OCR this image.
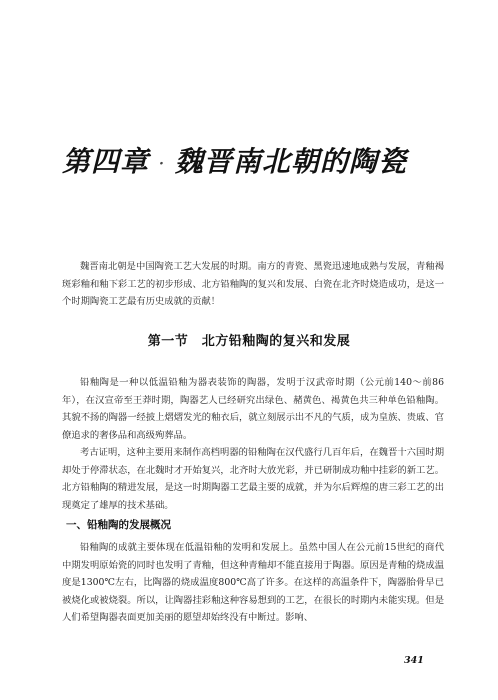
第四章 · 魏晋南北朝的陶瓷

魏晋南北朝是中国陶瓷工艺大发展的时期。南方的青瓷、黑瓷迅速地成熟与发展，青釉褐斑彩釉和釉下彩工艺的初步形成、北方铅釉陶的复兴和发展、白瓷在北齐时烧造成功，是这一个时期陶瓷工艺最有历史成就的贡献！

第一节　北方铅釉陶的复兴和发展

铅釉陶是一种以低温铅釉为器表装饰的陶器，发明于汉武帝时期（公元前140～前86年），在汉宣帝至王莽时期，陶器艺人已经研究出绿色、赭黄色、褐黄色共三种单色铅釉陶。其貌不扬的陶器一经披上熠熠发光的釉衣后，就立刻展示出不凡的气质，成为皇族、贵戚、官僚追求的奢侈品和高级殉葬品。

考古证明，这种主要用来制作高档明器的铅釉陶在汉代盛行几百年后，在魏晋十六国时期却处于停滞状态，在北魏时才开始复兴，北齐时大放光彩，并已研制成功釉中挂彩的新工艺。北方铅釉陶的精进发展，是这一时期陶器工艺最主要的成就，并为尔后辉煌的唐三彩工艺的出现奠定了雄厚的技术基础。

一、铅釉陶的发展概况

铅釉陶的成就主要体现在低温铅釉的发明和发展上。虽然中国人在公元前15世纪的商代中期发明原始瓷的同时也发明了青釉，但这种青釉却不能直接用于陶器。原因是青釉的烧成温度是1300℃左右，比陶器的烧成温度800℃高了许多。在这样的高温条件下，陶器胎骨早已被烧化或被烧裂。所以，让陶器挂彩釉这种容易想到的工艺，在很长的时期内未能实现。但是人们希望陶器表面更加美丽的愿望却始终没有中断过。影响、

341
